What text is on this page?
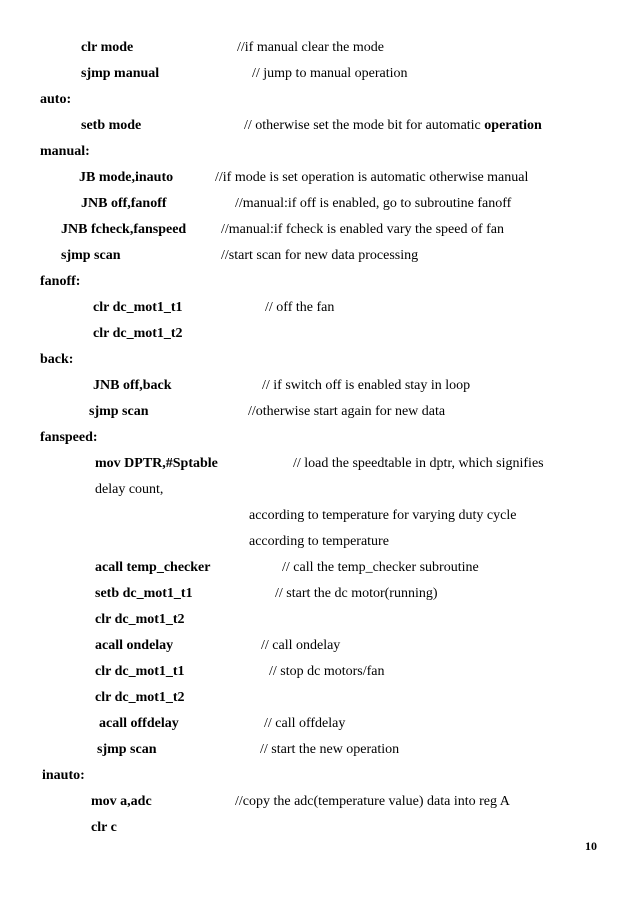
clr mode	//if manual clear the mode
sjmp manual	// jump to manual operation
auto:
setb mode	// otherwise set the mode bit for automatic operation
manual:
JB mode,inauto	//if mode is set operation is automatic otherwise manual
JNB off,fanoff	//manual:if off is enabled, go to subroutine fanoff
JNB fcheck,fanspeed //manual:if fcheck is enabled vary the speed of fan
sjmp scan	//start scan for new data processing
fanoff:
clr dc_mot1_t1	// off the fan
clr dc_mot1_t2
back:
JNB off,back	// if switch off is enabled stay in loop
sjmp scan	//otherwise start again for new data
fanspeed:
mov DPTR,#Sptable	// load the speedtable in dptr, which signifies
delay count,
according to temperature for varying duty cycle
according to temperature
acall temp_checker	// call the temp_checker subroutine
setb dc_mot1_t1	// start the dc motor(running)
clr dc_mot1_t2
acall ondelay	// call ondelay
clr dc_mot1_t1	// stop dc motors/fan
clr dc_mot1_t2
acall offdelay	// call offdelay
sjmp scan	// start the new operation
inauto:
mov a,adc	//copy the adc(temperature value) data into reg A
clr c
10
